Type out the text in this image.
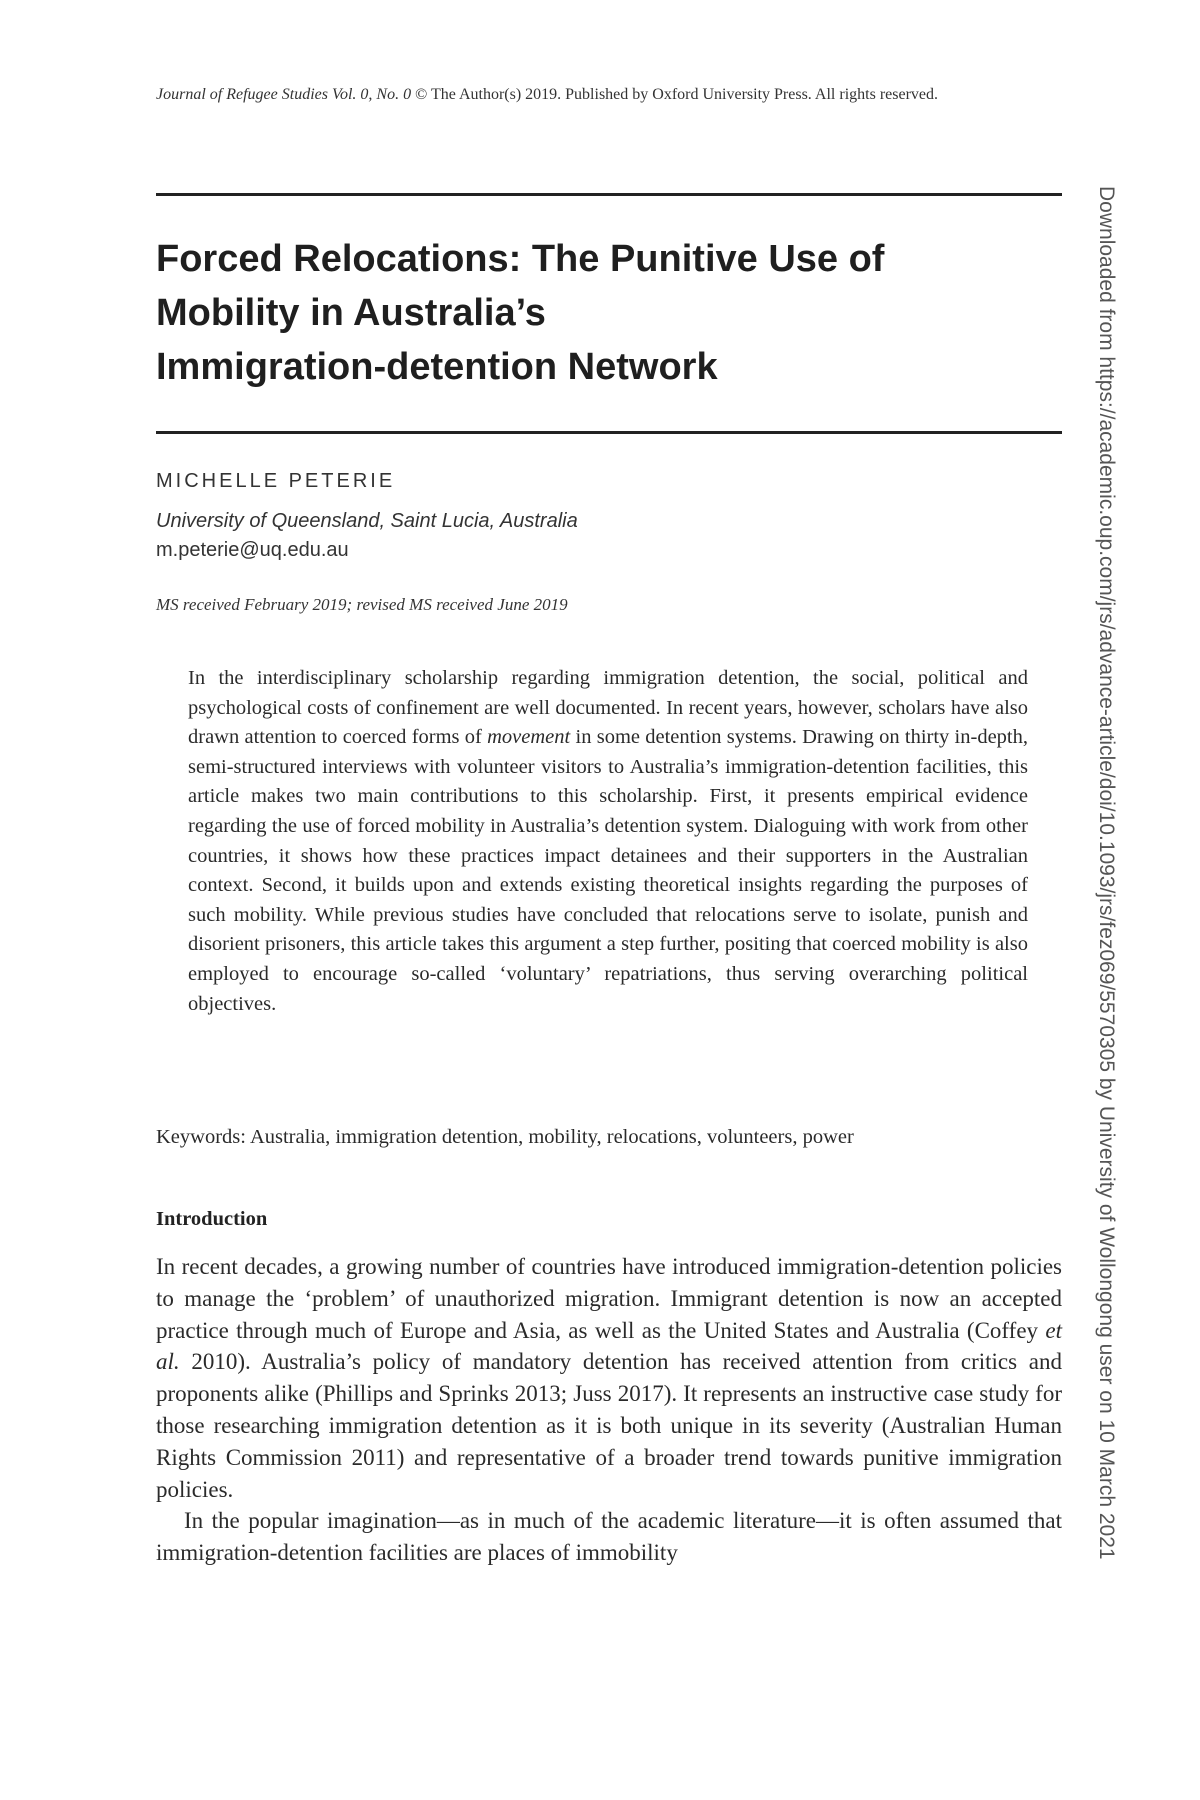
Journal of Refugee Studies Vol. 0, No. 0 © The Author(s) 2019. Published by Oxford University Press. All rights reserved.
Forced Relocations: The Punitive Use of
Mobility in Australia’s
Immigration-detention Network
MICHELLE PETERIE
University of Queensland, Saint Lucia, Australia
m.peterie@uq.edu.au
MS received February 2019; revised MS received June 2019

In the interdisciplinary scholarship regarding immigration detention, the social, political and psychological costs of confinement are well documented. In recent years, however, scholars have also drawn attention to coerced forms of movement in some detention systems. Drawing on thirty in-depth, semi-structured interviews with volunteer visitors to Australia’s immigration-detention facilities, this article makes two main contributions to this scholarship. First, it presents empirical evidence regarding the use of forced mobility in Australia’s detention system. Dialoguing with work from other countries, it shows how these practices impact detainees and their supporters in the Australian context. Second, it builds upon and extends existing theoretical insights regarding the purposes of such mobility. While previous studies have concluded that relocations serve to isolate, punish and disorient prisoners, this article takes this argument a step further, positing that coerced mobility is also employed to encourage so-called ‘voluntary’ repatriations, thus serving overarching political objectives.

Keywords: Australia, immigration detention, mobility, relocations, volunteers, power
Introduction

In recent decades, a growing number of countries have introduced immigration-detention policies to manage the ‘problem’ of unauthorized migration. Immigrant detention is now an accepted practice through much of Europe and Asia, as well as the United States and Australia (Coffey et al. 2010). Australia’s policy of mandatory detention has received attention from critics and proponents alike (Phillips and Sprinks 2013; Juss 2017). It represents an instructive case study for those researching immigration detention as it is both unique in its severity (Australian Human Rights Commission 2011) and representative of a broader trend towards punitive immigration policies.

In the popular imagination—as in much of the academic literature—it is often assumed that immigration-detention facilities are places of immobility	Downloaded from https://academic.oup.com/jrs/advance-article/doi/10.1093/jrs/fez069/5570305 by University of Wollongong user on 10 March 2021
